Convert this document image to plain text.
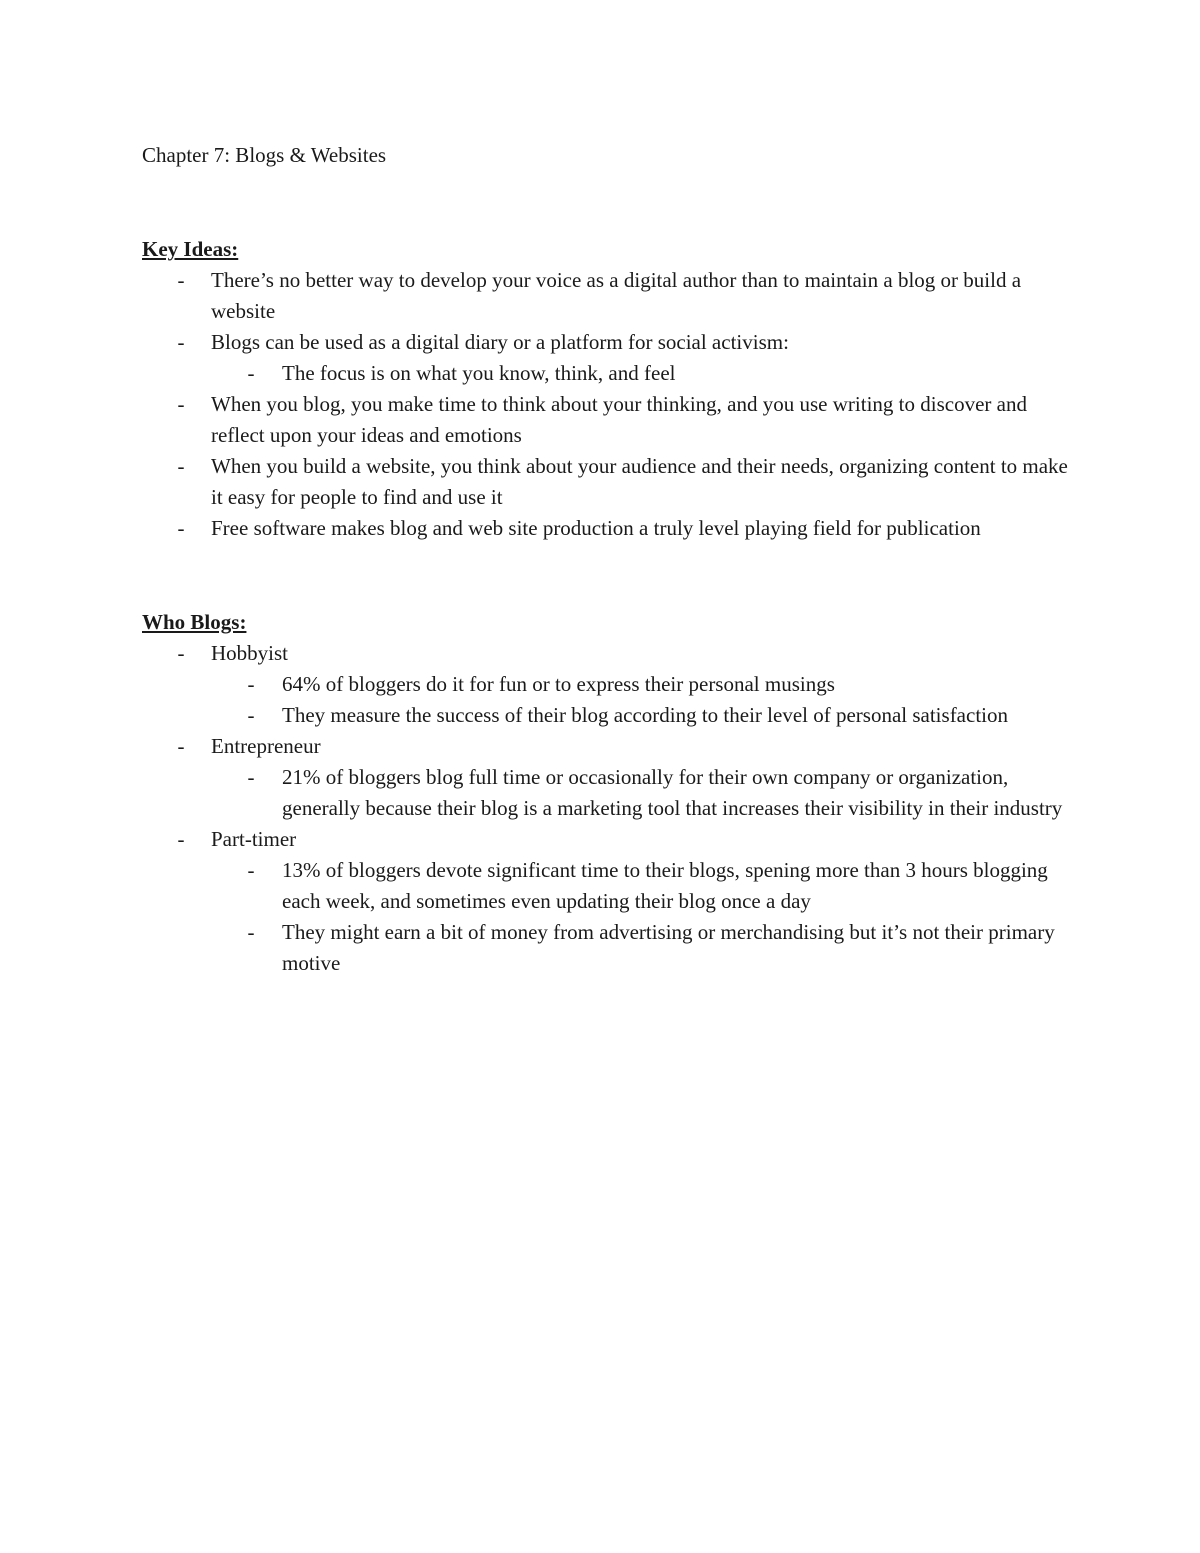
Chapter 7: Blogs & Websites
Key Ideas:
- There’s no better way to develop your voice as a digital author than to maintain a blog or build a website
- Blogs can be used as a digital diary or a platform for social activism:
- The focus is on what you know, think, and feel
- When you blog, you make time to think about your thinking, and you use writing to discover and reflect upon your ideas and emotions
- When you build a website, you think about your audience and their needs, organizing content to make it easy for people to find and use it
- Free software makes blog and web site production a truly level playing field for publication
Who Blogs:
- Hobbyist
- 64% of bloggers do it for fun or to express their personal musings
- They measure the success of their blog according to their level of personal satisfaction
- Entrepreneur
- 21% of bloggers blog full time or occasionally for their own company or organization, generally because their blog is a marketing tool that increases their visibility in their industry
- Part-timer
- 13% of bloggers devote significant time to their blogs, spening more than 3 hours blogging each week, and sometimes even updating their blog once a day
- They might earn a bit of money from advertising or merchandising but it’s not their primary motive
